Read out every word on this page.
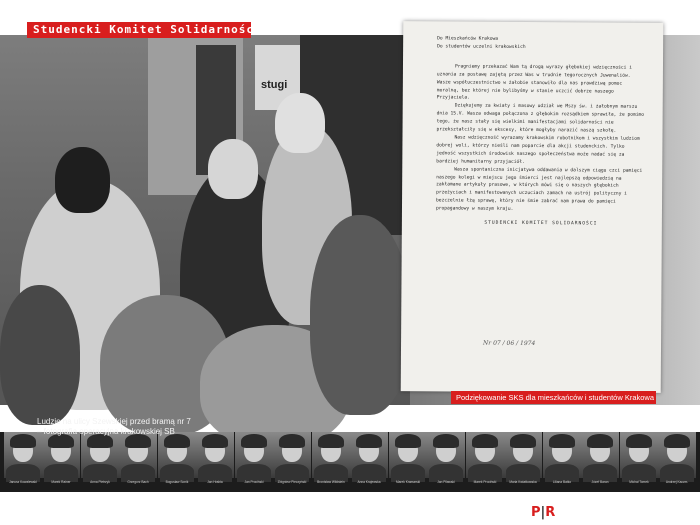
Studencki Komitet Solidarności
stugi
Ludzie na ulicy Szewskiej przed bramą nr 7
– fotografia operacyjna krakowskiej SB

Do Mieszkańców Krakowa

Do studentów uczelni krakowskich

Pragniemy przekazać Wam tą drogą wyrazy głębokiej wdzięczności i uznania za postawę zajętą przez Was w trudnie tegorocznych Juwenaliów. Wasze współuczestnictwo w żałobie stanowiło dla nas prawdziwą pomoc moralną, bez której nie bylibyśmy w stanie uczcić dobrze naszego Przyjaciela.

Dziękujemy za kwiaty i masowy udział we Mszy św. i żałobnym marszu dnia 15.V. Wasza odwaga połączona z głębokim rozsądkiem sprawiła, że pomimo tego, że nasz stały się wielkimi manifestacjami solidarności nie przekształciły się w ekscesy, które mogłyby narazić naszą szkołę.

Nasz wdzięczność wyrazamy krakowskim robotnikom i wszystkim ludziom dobrej woli, którzy nieśli nam poparcie dla akcji studenckich. Tylko jedność wszystkich środowisk naszego społeczeństwa może nadać się za bardziej humanitarny przyjaciół.

Wasza spontaniczna inicjatywa oddawania w dalszym ciągu czci pamięci naszego kolegi w miejscu jego śmierci jest najlepszą odpowiedzią na zakłamane artykuły prasowe, w których mówi się o naszych głębokich przeżyciach i manifestowanych uczuciach zamach na ustrój polityczny i bezczelnie łżą sprawę, który nie śmie zabrać nam prawa do pamięci propagandowy w naszym kraju.

STUDENCKI KOMITET SOLIDARNOŚCI

Nr 07 / 06 / 1974
Podziękowanie SKS dla mieszkańców i studentów Krakowa
Janusz Kowalewski	Marek Rainer	Anna Pietrzyk	Grzegorz Bach	Bogusław Sonik	Jan Hrabia	Jan Prociński	Zbigniew Pieczyński	Bronisław Wildstein	Anna Krajewska	Marek Kramarski	Jan Pilawski	Marek Prociński	Maria Kwiatkowska	Liliana Batko	Józef Baran	Michał Tomek	Andrzej Kaczm.
P|R
